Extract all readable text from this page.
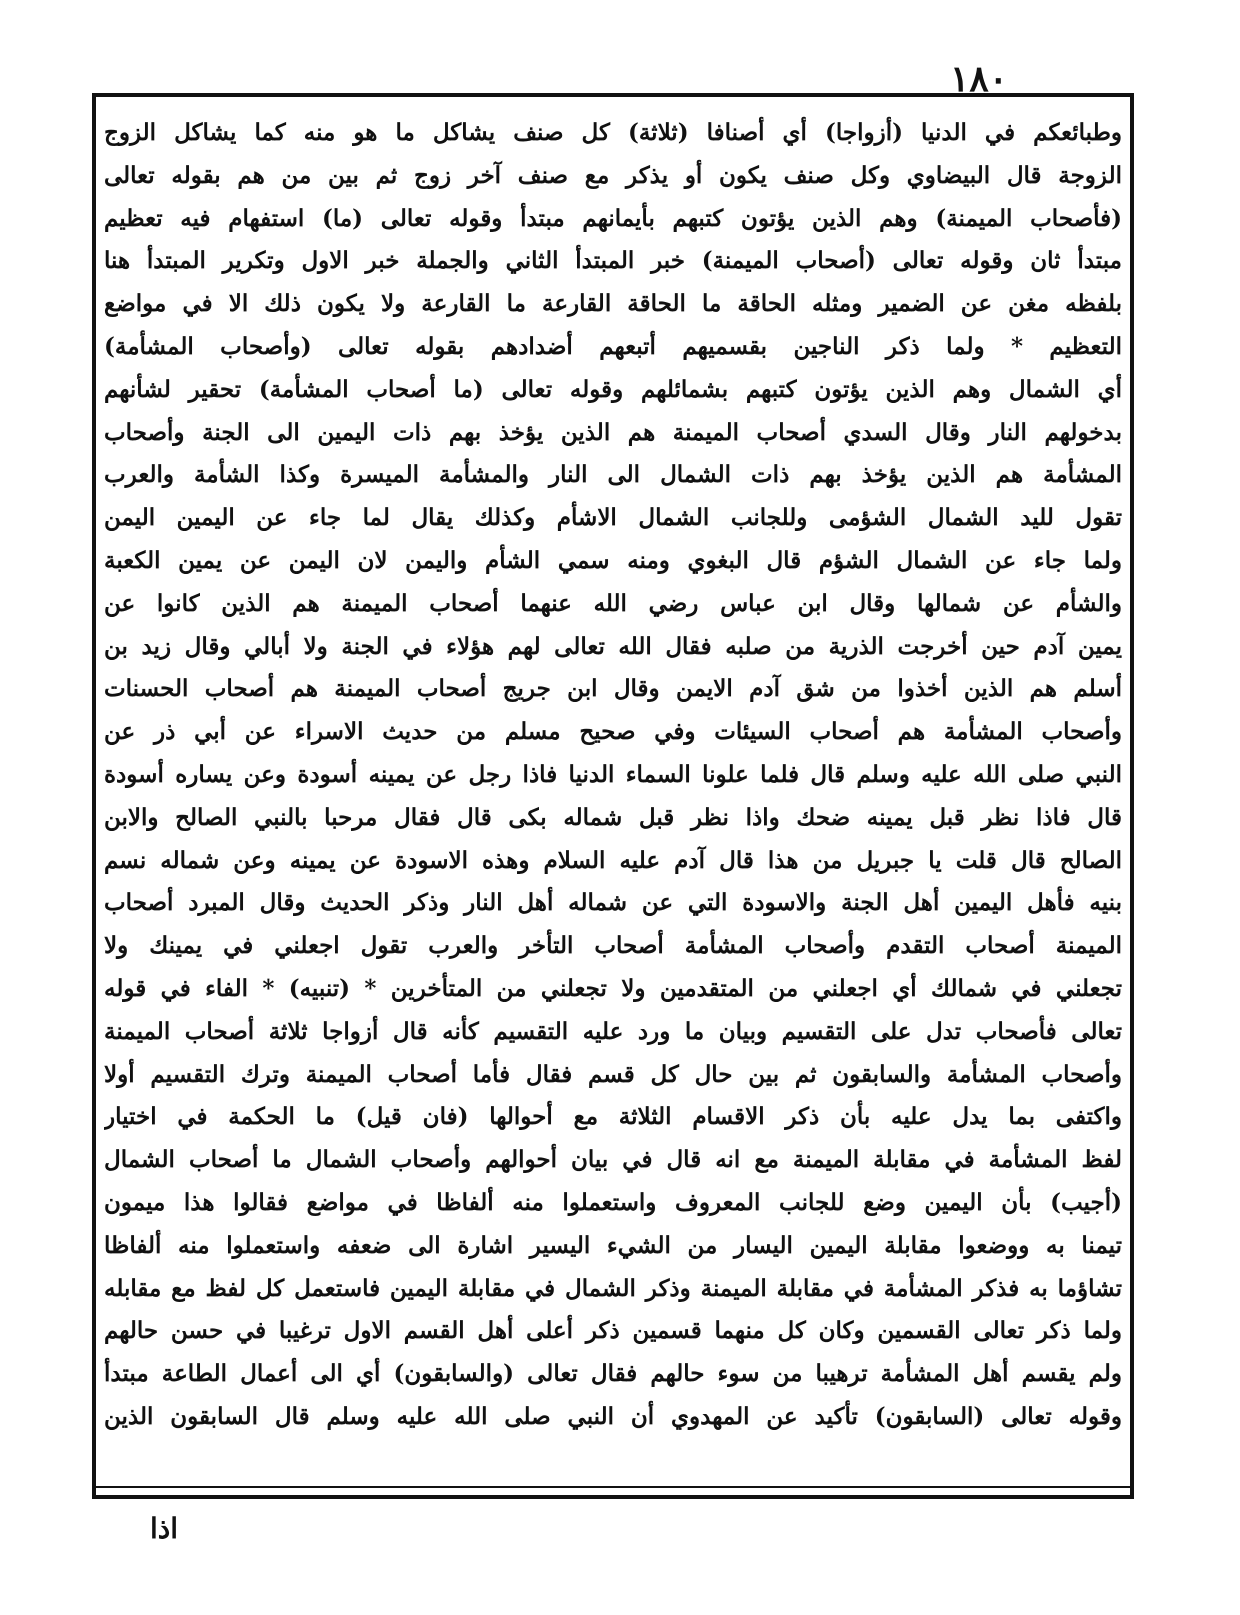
١٨٠
وطبائعكم في الدنيا (أزواجا) أي أصنافا (ثلاثة) كل صنف يشاكل ما هو منه كما يشاكل الزوج
الزوجة قال البيضاوي وكل صنف يكون أو يذكر مع صنف آخر زوج ثم بين من هم بقوله تعالى
(فأصحاب الميمنة) وهم الذين يؤتون كتبهم بأيمانهم مبتدأ وقوله تعالى (ما) استفهام فيه تعظيم
مبتدأ ثان وقوله تعالى (أصحاب الميمنة) خبر المبتدأ الثاني والجملة خبر الاول وتكرير المبتدأ هنا
بلفظه مغن عن الضمير ومثله الحاقة ما الحاقة القارعة ما القارعة ولا يكون ذلك الا في مواضع
التعظيم * ولما ذكر الناجين بقسميهم أتبعهم أضدادهم بقوله تعالى (وأصحاب المشأمة)
أي الشمال وهم الذين يؤتون كتبهم بشمائلهم وقوله تعالى (ما أصحاب المشأمة) تحقير لشأنهم
بدخولهم النار وقال السدي أصحاب الميمنة هم الذين يؤخذ بهم ذات اليمين الى الجنة وأصحاب
المشأمة هم الذين يؤخذ بهم ذات الشمال الى النار والمشأمة الميسرة وكذا الشأمة والعرب
تقول لليد الشمال الشؤمى وللجانب الشمال الاشأم وكذلك يقال لما جاء عن اليمين اليمن
ولما جاء عن الشمال الشؤم قال البغوي ومنه سمي الشأم واليمن لان اليمن عن يمين الكعبة
والشأم عن شمالها وقال ابن عباس رضي الله عنهما أصحاب الميمنة هم الذين كانوا عن
يمين آدم حين أخرجت الذرية من صلبه فقال الله تعالى لهم هؤلاء في الجنة ولا أبالي وقال زيد بن
أسلم هم الذين أخذوا من شق آدم الايمن وقال ابن جريج أصحاب الميمنة هم أصحاب الحسنات
وأصحاب المشأمة هم أصحاب السيئات وفي صحيح مسلم من حديث الاسراء عن أبي ذر عن
النبي صلى الله عليه وسلم قال فلما علونا السماء الدنيا فاذا رجل عن يمينه أسودة وعن يساره أسودة
قال فاذا نظر قبل يمينه ضحك واذا نظر قبل شماله بكى قال فقال مرحبا بالنبي الصالح والابن
الصالح قال قلت يا جبريل من هذا قال آدم عليه السلام وهذه الاسودة عن يمينه وعن شماله نسم
بنيه فأهل اليمين أهل الجنة والاسودة التي عن شماله أهل النار وذكر الحديث وقال المبرد أصحاب
الميمنة أصحاب التقدم وأصحاب المشأمة أصحاب التأخر والعرب تقول اجعلني في يمينك ولا
تجعلني في شمالك أي اجعلني من المتقدمين ولا تجعلني من المتأخرين * (تنبيه) * الفاء في قوله
تعالى فأصحاب تدل على التقسيم وبيان ما ورد عليه التقسيم كأنه قال أزواجا ثلاثة أصحاب الميمنة
وأصحاب المشأمة والسابقون ثم بين حال كل قسم فقال فأما أصحاب الميمنة وترك التقسيم أولا
واكتفى بما يدل عليه بأن ذكر الاقسام الثلاثة مع أحوالها (فان قيل) ما الحكمة في اختيار
لفظ المشأمة في مقابلة الميمنة مع انه قال في بيان أحوالهم وأصحاب الشمال ما أصحاب الشمال
(أجيب) بأن اليمين وضع للجانب المعروف واستعملوا منه ألفاظا في مواضع فقالوا هذا ميمون
تيمنا به ووضعوا مقابلة اليمين اليسار من الشيء اليسير اشارة الى ضعفه واستعملوا منه ألفاظا
تشاؤما به فذكر المشأمة في مقابلة الميمنة وذكر الشمال في مقابلة اليمين فاستعمل كل لفظ مع مقابله
ولما ذكر تعالى القسمين وكان كل منهما قسمين ذكر أعلى أهل القسم الاول ترغيبا في حسن حالهم
ولم يقسم أهل المشأمة ترهيبا من سوء حالهم فقال تعالى (والسابقون) أي الى أعمال الطاعة مبتدأ
وقوله تعالى (السابقون) تأكيد عن المهدوي أن النبي صلى الله عليه وسلم قال السابقون الذين
اذا
